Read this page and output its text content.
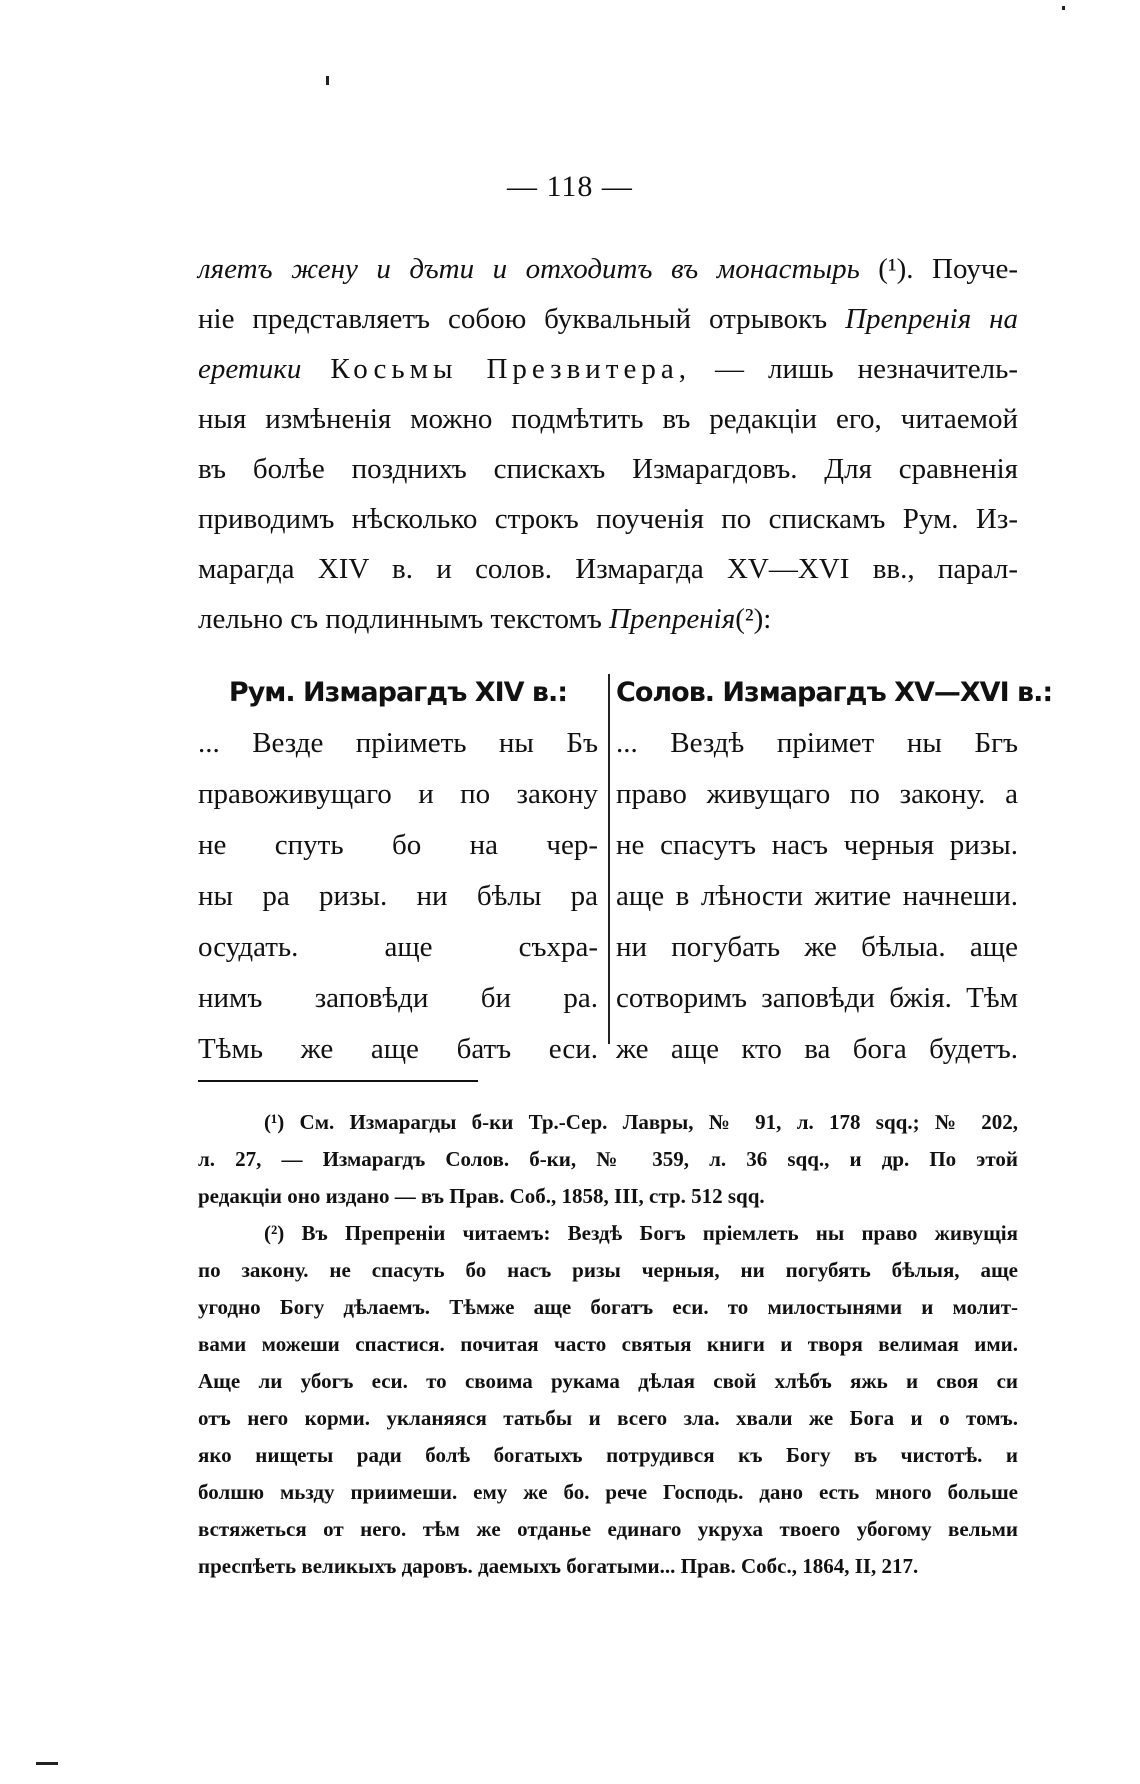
— 118 —
ляетъ жену и дъти и отходитъ въ монастырь (¹). Поуче-
ніе представляетъ собою буквальный отрывокъ Препренія на
еретики Косьмы Презвитера, — лишь незначитель-
ныя измѣненія можно подмѣтить въ редакціи его, читаемой
въ болѣе позднихъ спискахъ Измарагдовъ. Для сравненія
приводимъ нѣсколько строкъ поученія по спискамъ Рум. Из-
марагда XIV в. и солов. Измарагда XV—XVI вв., парал-
лельно съ подлиннымъ текстомъ Препренія(²):
Рум. Измарагдъ XIV в.:
... Везде пріиметь ны Бъ
правоживущаго и по закону
не спуть бо на чер-
ны ра ризы. ни бѣлы ра
осудать. аще съхра-
нимъ заповѣди би ра.
Тѣмь же аще батъ еси.
Солов. Измарагдъ XV—XVI в.:
... Вездѣ пріимет ны Бгъ
право живущаго по закону. а
не спасутъ насъ черныя ризы.
аще в лѣности житие начнеши.
ни погубать же бѣлыа. аще
сотворимъ заповѣди бжія. Тѣм
же аще кто ва бога будетъ.
(¹) См. Измарагды б-ки Тр.-Сер. Лавры, № 91, л. 178 sqq.; № 202,
л. 27, — Измарагдъ Солов. б-ки, № 359, л. 36 sqq., и др. По этой
редакціи оно издано — въ Прав. Соб., 1858, III, стр. 512 sqq.
(²) Въ Препреніи читаемъ: Вездѣ Богъ пріемлеть ны право живущія
по закону. не спасуть бо насъ ризы черныя, ни погубять бѣлыя, аще
угодно Богу дѣлаемъ. Тѣмже аще богатъ еси. то милостынями и молит-
вами можеши спастися. почитая часто святыя книги и творя велимая ими.
Аще ли убогъ еси. то своима рукама дѣлая свой хлѣбъ яжь и своя си
отъ него корми. укланяяся татьбы и всего зла. хвали же Бога и о томъ.
яко нищеты ради болѣ богатыхъ потрудився къ Богу въ чистотѣ. и
болшю мьзду приимеши. ему же бо. рече Господь. дано есть много больше
встяжеться от него. тѣм же отданье единаго укруха твоего убогому вельми
преспѣеть великыхъ даровъ. даемыхъ богатыми... Прав. Собс., 1864, II, 217.
